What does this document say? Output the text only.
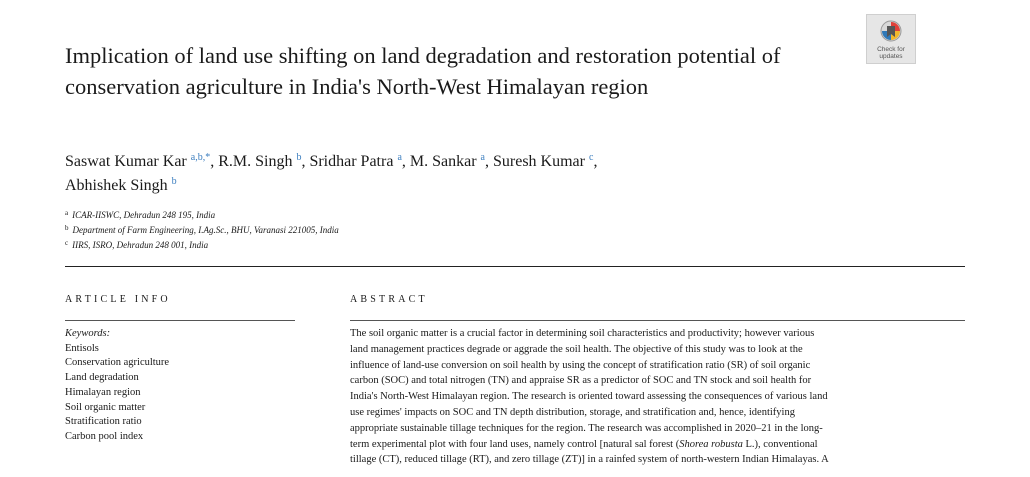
Implication of land use shifting on land degradation and restoration potential of conservation agriculture in India's North-West Himalayan region
Check for
updates
Saswat Kumar Kar $^{a,b,*}$, R.M. Singh $^b$, Sridhar Patra $^a$, M. Sankar $^a$, Suresh Kumar $^c$,
Abhishek Singh $^b$
$^a$ ICAR-IISWC, Dehradun 248 195, India
$^b$ Department of Farm Engineering, I.Ag.Sc., BHU, Varanasi 221005, India
$^c$ IIRS, ISRO, Dehradun 248 001, India
ARTICLE INFO	ABSTRACT
Keywords:
Entisols
Conservation agriculture
Land degradation
Himalayan region
Soil organic matter
Stratification ratio
Carbon pool index
The soil organic matter is a crucial factor in determining soil characteristics and productivity; however various
land management practices degrade or aggrade the soil health. The objective of this study was to look at the
influence of land-use conversion on soil health by using the concept of stratification ratio (SR) of soil organic
carbon (SOC) and total nitrogen (TN) and appraise SR as a predictor of SOC and TN stock and soil health for
India's North-West Himalayan region. The research is oriented toward assessing the consequences of various land
use regimes' impacts on SOC and TN depth distribution, storage, and stratification and, hence, identifying
appropriate sustainable tillage techniques for the region. The research was accomplished in 2020–21 in the long-
term experimental plot with four land uses, namely control [natural sal forest (Shorea robusta L.), conventional
tillage (CT), reduced tillage (RT), and zero tillage (ZT)] in a rainfed system of north-western Indian Himalayas. A
